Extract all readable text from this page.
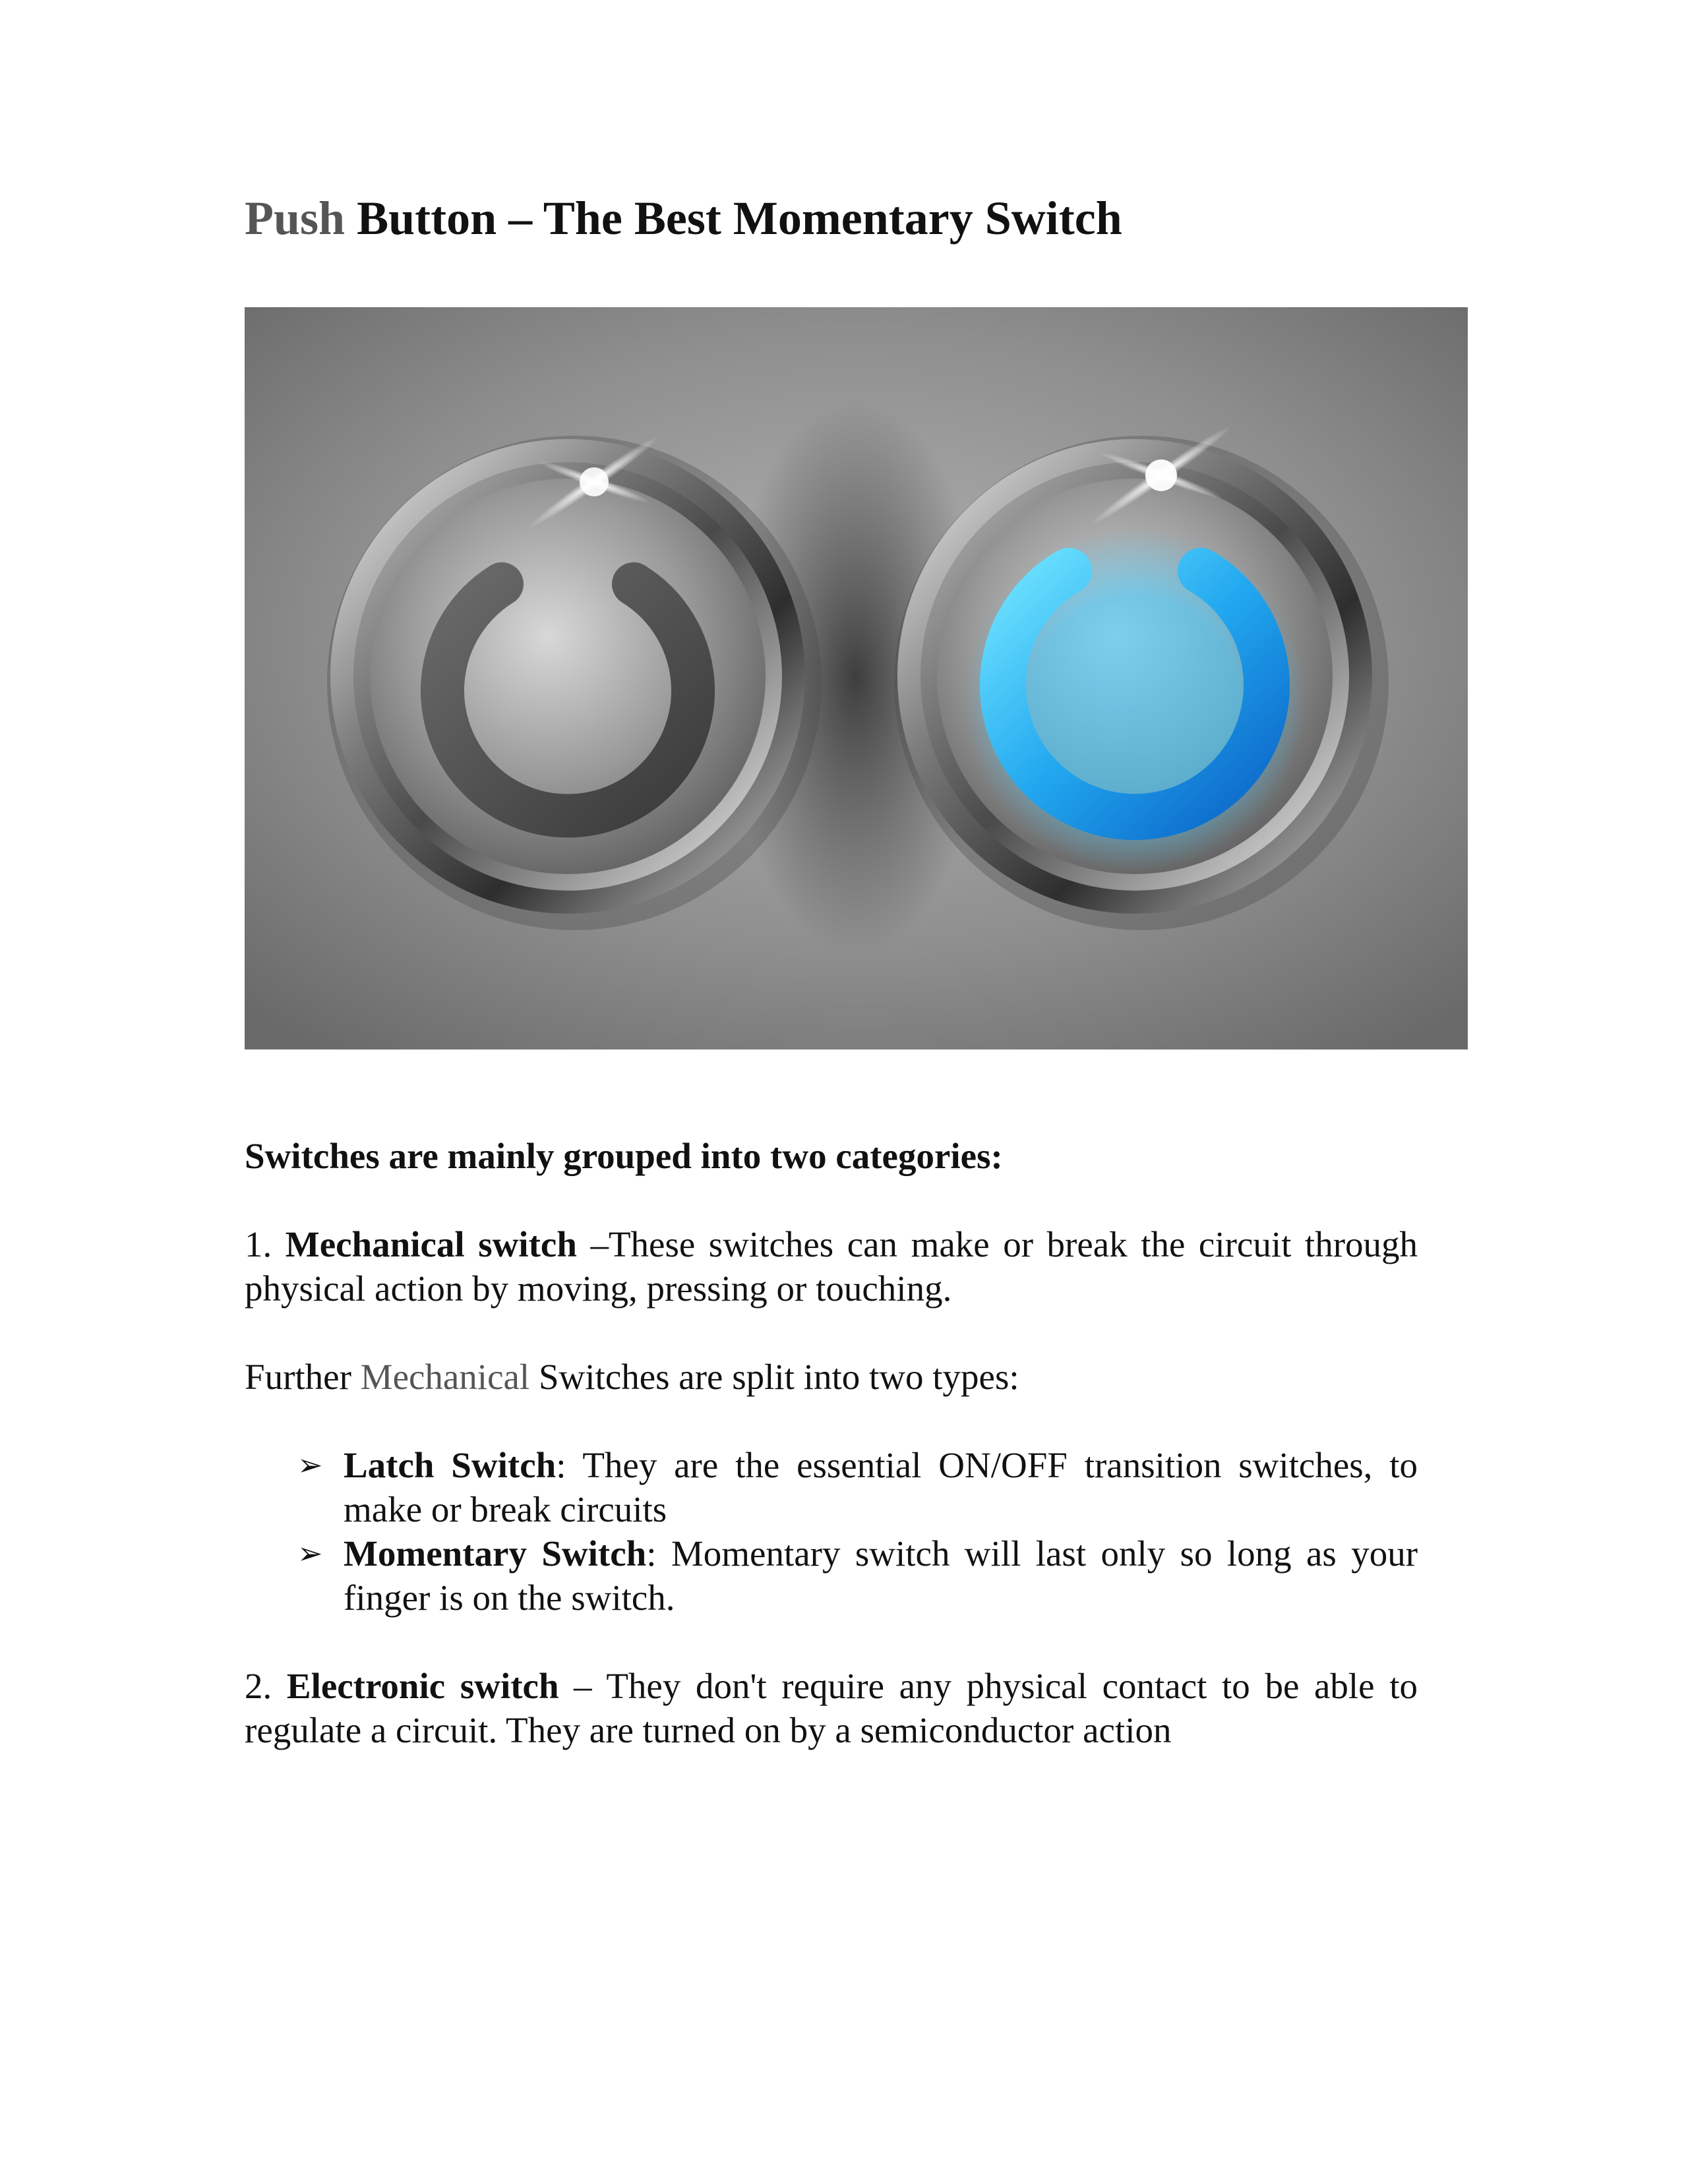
Push Button – The Best Momentary Switch

Switches are mainly grouped into two categories:

1. Mechanical switch –These switches can make or break the circuit through physical action by moving, pressing or touching.

Further Mechanical Switches are split into two types:

➢ Latch Switch: They are the essential ON/OFF transition switches, to make or break circuits
➢ Momentary Switch: Momentary switch will last only so long as your finger is on the switch.

2. Electronic switch – They don't require any physical contact to be able to regulate a circuit. They are turned on by a semiconductor action
